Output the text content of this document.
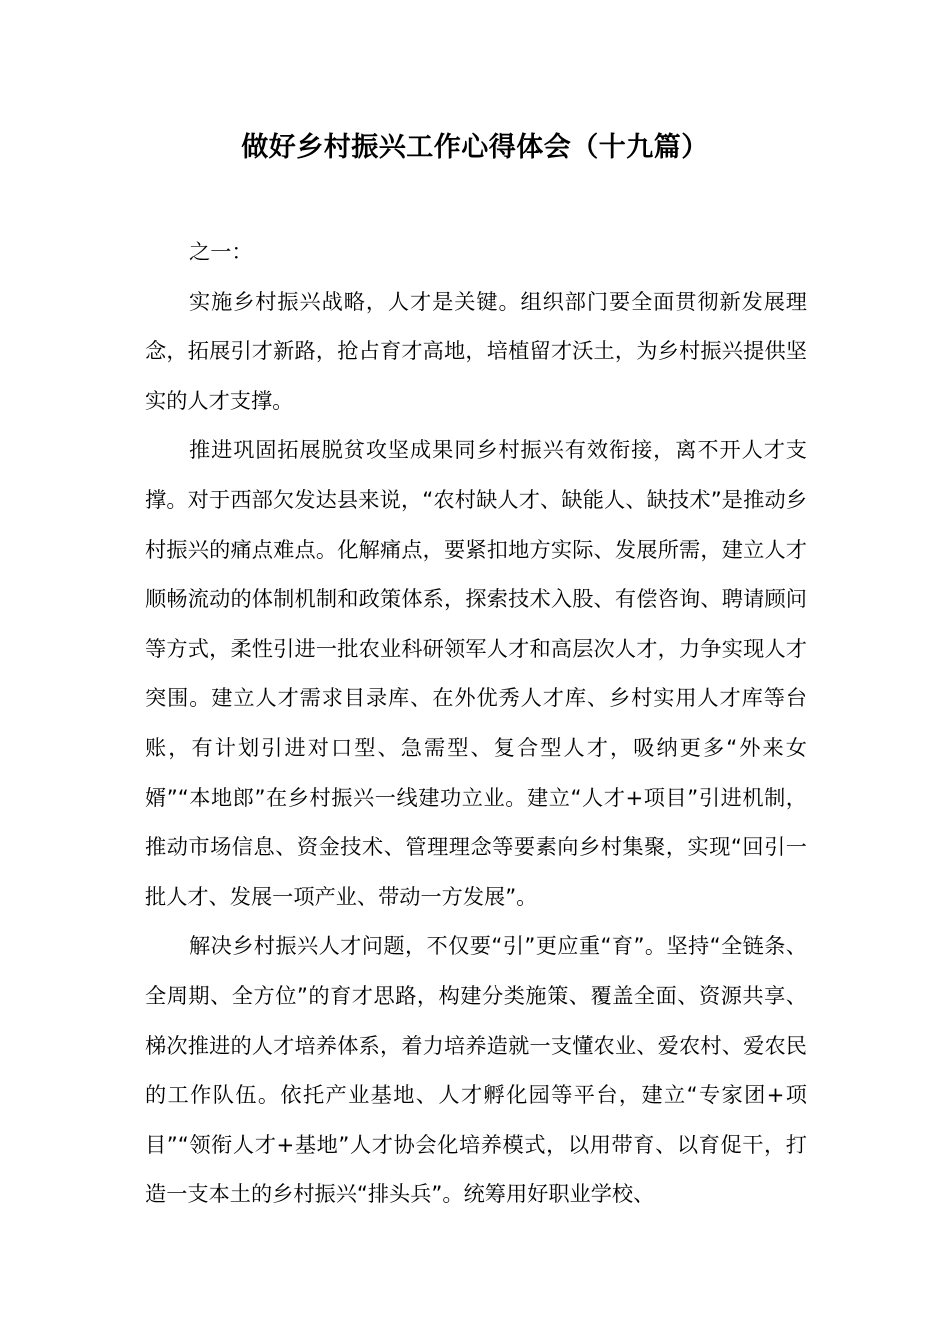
做好乡村振兴工作心得体会（十九篇）

之一：

实施乡村振兴战略，人才是关键。组织部门要全面贯彻新发展理念，拓展引才新路，抢占育才高地，培植留才沃土，为乡村振兴提供坚实的人才支撑。

推进巩固拓展脱贫攻坚成果同乡村振兴有效衔接，离不开人才支撑。对于西部欠发达县来说，“农村缺人才、缺能人、缺技术”是推动乡村振兴的痛点难点。化解痛点，要紧扣地方实际、发展所需，建立人才顺畅流动的体制机制和政策体系，探索技术入股、有偿咨询、聘请顾问等方式，柔性引进一批农业科研领军人才和高层次人才，力争实现人才突围。建立人才需求目录库、在外优秀人才库、乡村实用人才库等台账，有计划引进对口型、急需型、复合型人才，吸纳更多“外来女婿”“本地郎”在乡村振兴一线建功立业。建立“人才+项目”引进机制，推动市场信息、资金技术、管理理念等要素向乡村集聚，实现“回引一批人才、发展一项产业、带动一方发展”。

解决乡村振兴人才问题，不仅要“引”更应重“育”。坚持“全链条、全周期、全方位”的育才思路，构建分类施策、覆盖全面、资源共享、梯次推进的人才培养体系，着力培养造就一支懂农业、爱农村、爱农民的工作队伍。依托产业基地、人才孵化园等平台，建立“专家团+项目”“领衔人才+基地”人才协会化培养模式，以用带育、以育促干，打造一支本土的乡村振兴“排头兵”。统筹用好职业学校、
